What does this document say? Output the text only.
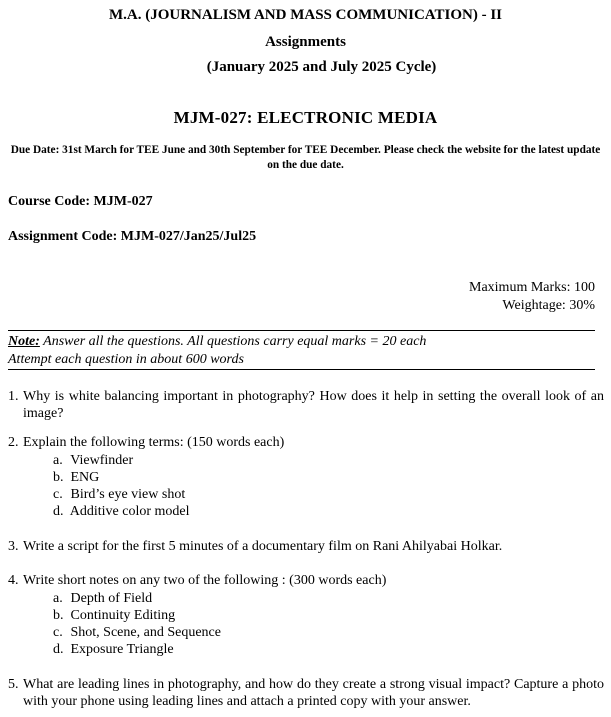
M.A. (JOURNALISM AND MASS COMMUNICATION) - II

Assignments

(January 2025 and July 2025 Cycle)

MJM-027: ELECTRONIC MEDIA

Due Date: 31st March for TEE June and 30th September for TEE December. Please check the website for the latest update on the due date.

Course Code: MJM-027

Assignment Code: MJM-027/Jan25/Jul25

Maximum Marks: 100

Weightage: 30%

Note: Answer all the questions. All questions carry equal marks = 20 each
Attempt each question in about 600 words
1. Why is white balancing important in photography? How does it help in setting the overall look of an image?
2. Explain the following terms: (150 words each)
a. Viewfinder
b. ENG
c. Bird’s eye view shot
d. Additive color model
3. Write a script for the first 5 minutes of a documentary film on Rani Ahilyabai Holkar.
4. Write short notes on any two of the following : (300 words each)
a. Depth of Field
b. Continuity Editing
c. Shot, Scene, and Sequence
d. Exposure Triangle
5. What are leading lines in photography, and how do they create a strong visual impact? Capture a photo with your phone using leading lines and attach a printed copy with your answer.
